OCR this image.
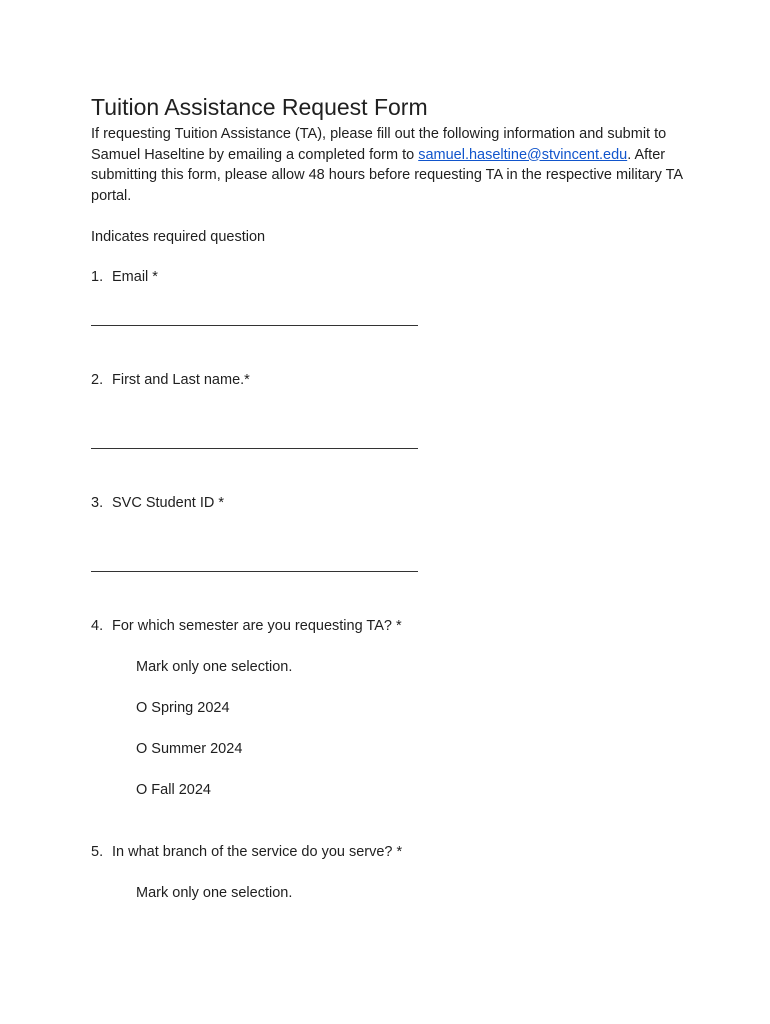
Tuition Assistance Request Form

If requesting Tuition Assistance (TA), please fill out the following information and submit to Samuel Haseltine by emailing a completed form to samuel.haseltine@stvincent.edu. After submitting this form, please allow 48 hours before requesting TA in the respective military TA portal.

Indicates required question
1. Email *
2. First and Last name.*
3. SVC Student ID *
4. For which semester are you requesting TA? *
Mark only one selection.
O Spring 2024
O Summer 2024
O Fall 2024
5. In what branch of the service do you serve? *
Mark only one selection.
